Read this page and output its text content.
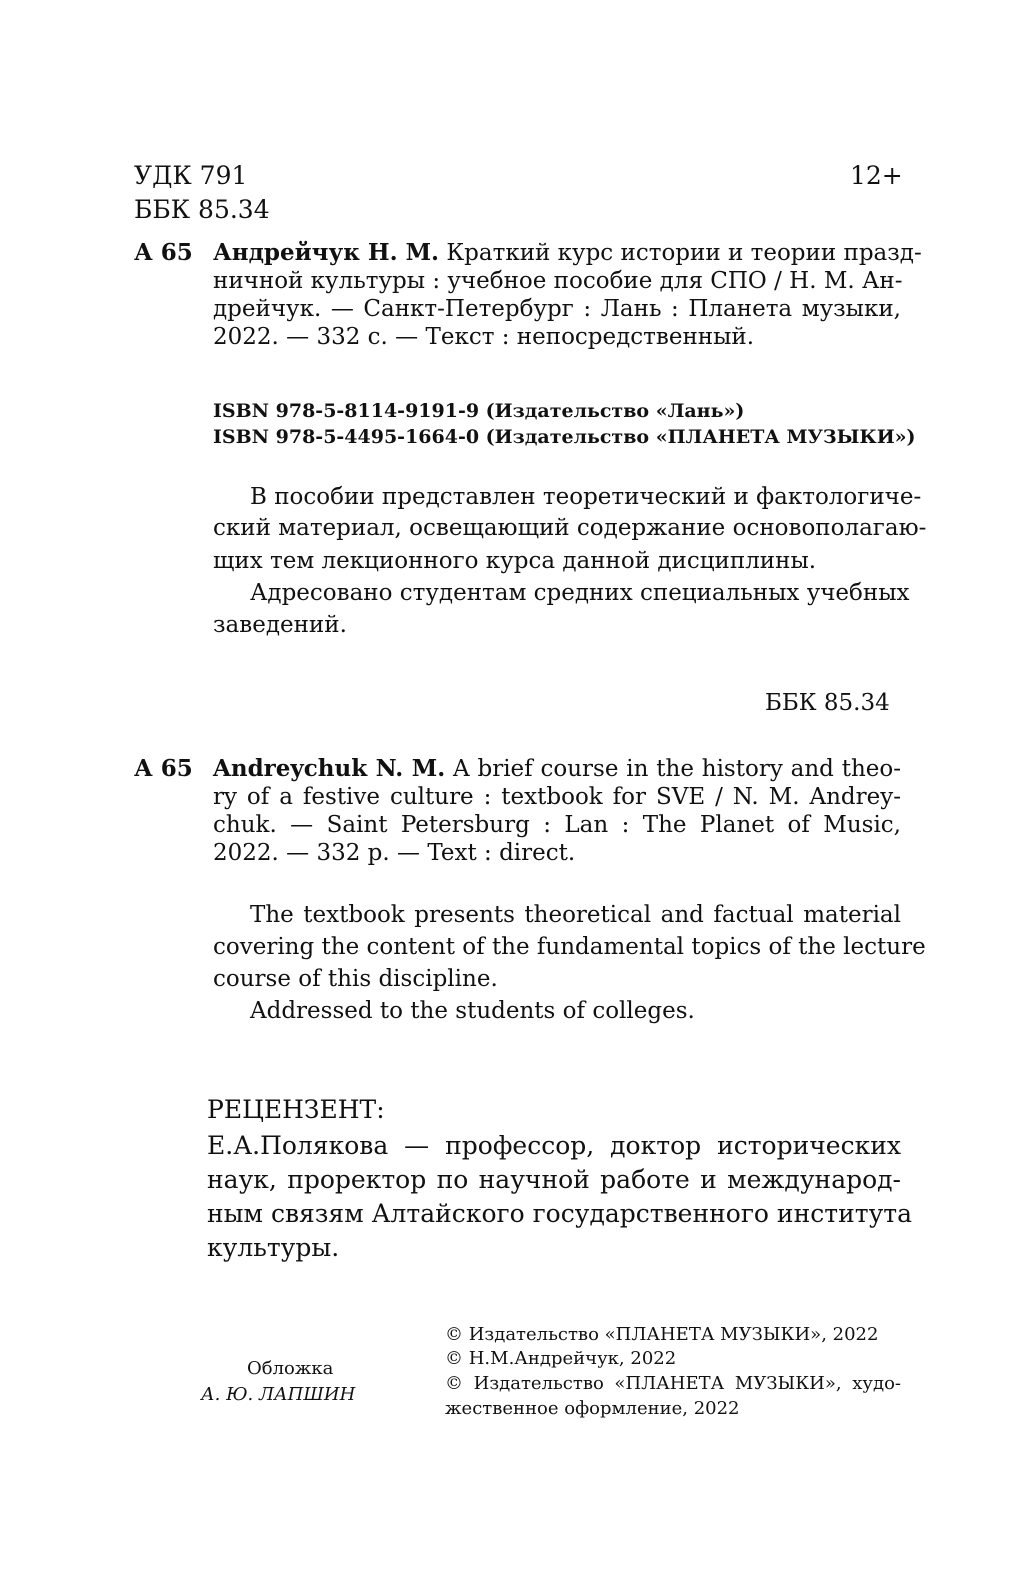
УДК 791
ББК 85.34
12+
А 65 Андрейчук Н. М. Краткий курс истории и теории празд-
ничной культуры : учебное пособие для СПО / Н. М. Ан-
дрейчук. — Санкт-Петербург : Лань : Планета музыки,
2022. — 332 с. — Текст : непосредственный.
ISBN 978-5-8114-9191-9 (Издательство «Лань»)
ISBN 978-5-4495-1664-0 (Издательство «ПЛАНЕТА МУЗЫКИ»)
В пособии представлен теоретический и фактологиче-
ский материал, освещающий содержание основополагаю-
щих тем лекционного курса данной дисциплины.
Адресовано студентам средних специальных учебных
заведений.
ББК 85.34
А 65 Andreychuk N. M. A brief course in the history and theo-
ry of a festive culture : textbook for SVE / N. M. Andrey-
chuk. — Saint Petersburg : Lan : The Planet of Music,
2022. — 332 p. — Text : direct.
The textbook presents theoretical and factual material
covering the content of the fundamental topics of the lecture
course of this discipline.
Addressed to the students of colleges.
РЕЦЕНЗЕНТ:
Е.А.Полякова — профессор, доктор исторических
наук, проректор по научной работе и международ-
ным связям Алтайского государственного института
культуры.
Обложка
А. Ю. ЛАПШИН
© Издательство «ПЛАНЕТА МУЗЫКИ», 2022
© Н.М.Андрейчук, 2022
© Издательство «ПЛАНЕТА МУЗЫКИ», худо-
жественное оформление, 2022
